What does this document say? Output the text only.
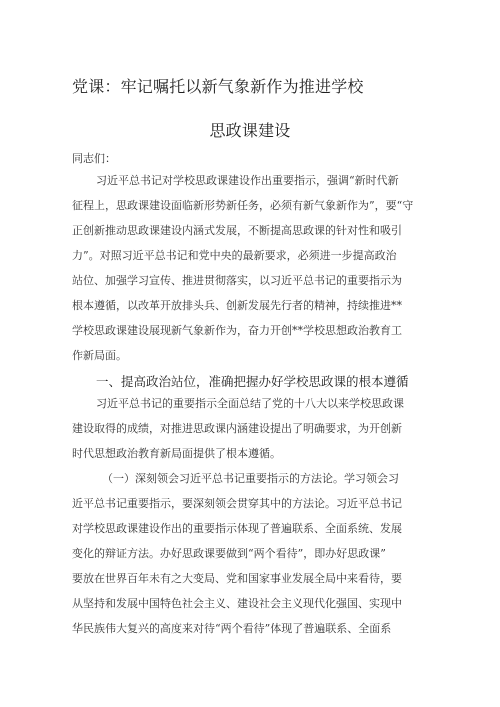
党课：牢记嘱托以新气象新作为推进学校
思政课建设
同志们：
习近平总书记对学校思政课建设作出重要指示，强调“新时代新
征程上，思政课建设面临新形势新任务，必须有新气象新作为”，要“守
正创新推动思政课建设内涵式发展，不断提高思政课的针对性和吸引
力”。对照习近平总书记和党中央的最新要求，必须进一步提高政治
站位、加强学习宣传、推进贯彻落实，以习近平总书记的重要指示为
根本遵循，以改革开放排头兵、创新发展先行者的精神，持续推进**
学校思政课建设展现新气象新作为，奋力开创**学校思想政治教育工
作新局面。
一、提高政治站位，准确把握办好学校思政课的根本遵循
习近平总书记的重要指示全面总结了党的十八大以来学校思政课
建设取得的成绩，对推进思政课内涵建设提出了明确要求，为开创新
时代思想政治教育新局面提供了根本遵循。
（一）深刻领会习近平总书记重要指示的方法论。学习领会习
近平总书记重要指示，要深刻领会贯穿其中的方法论。习近平总书记
对学校思政课建设作出的重要指示体现了普遍联系、全面系统、发展
变化的辩证方法。办好思政课要做到“两个看待”，即办好思政课”
要放在世界百年未有之大变局、党和国家事业发展全局中来看待，要
从坚持和发展中国特色社会主义、建设社会主义现代化强国、实现中
华民族伟大复兴的高度来对待“两个看待”体现了普遍联系、全面系
